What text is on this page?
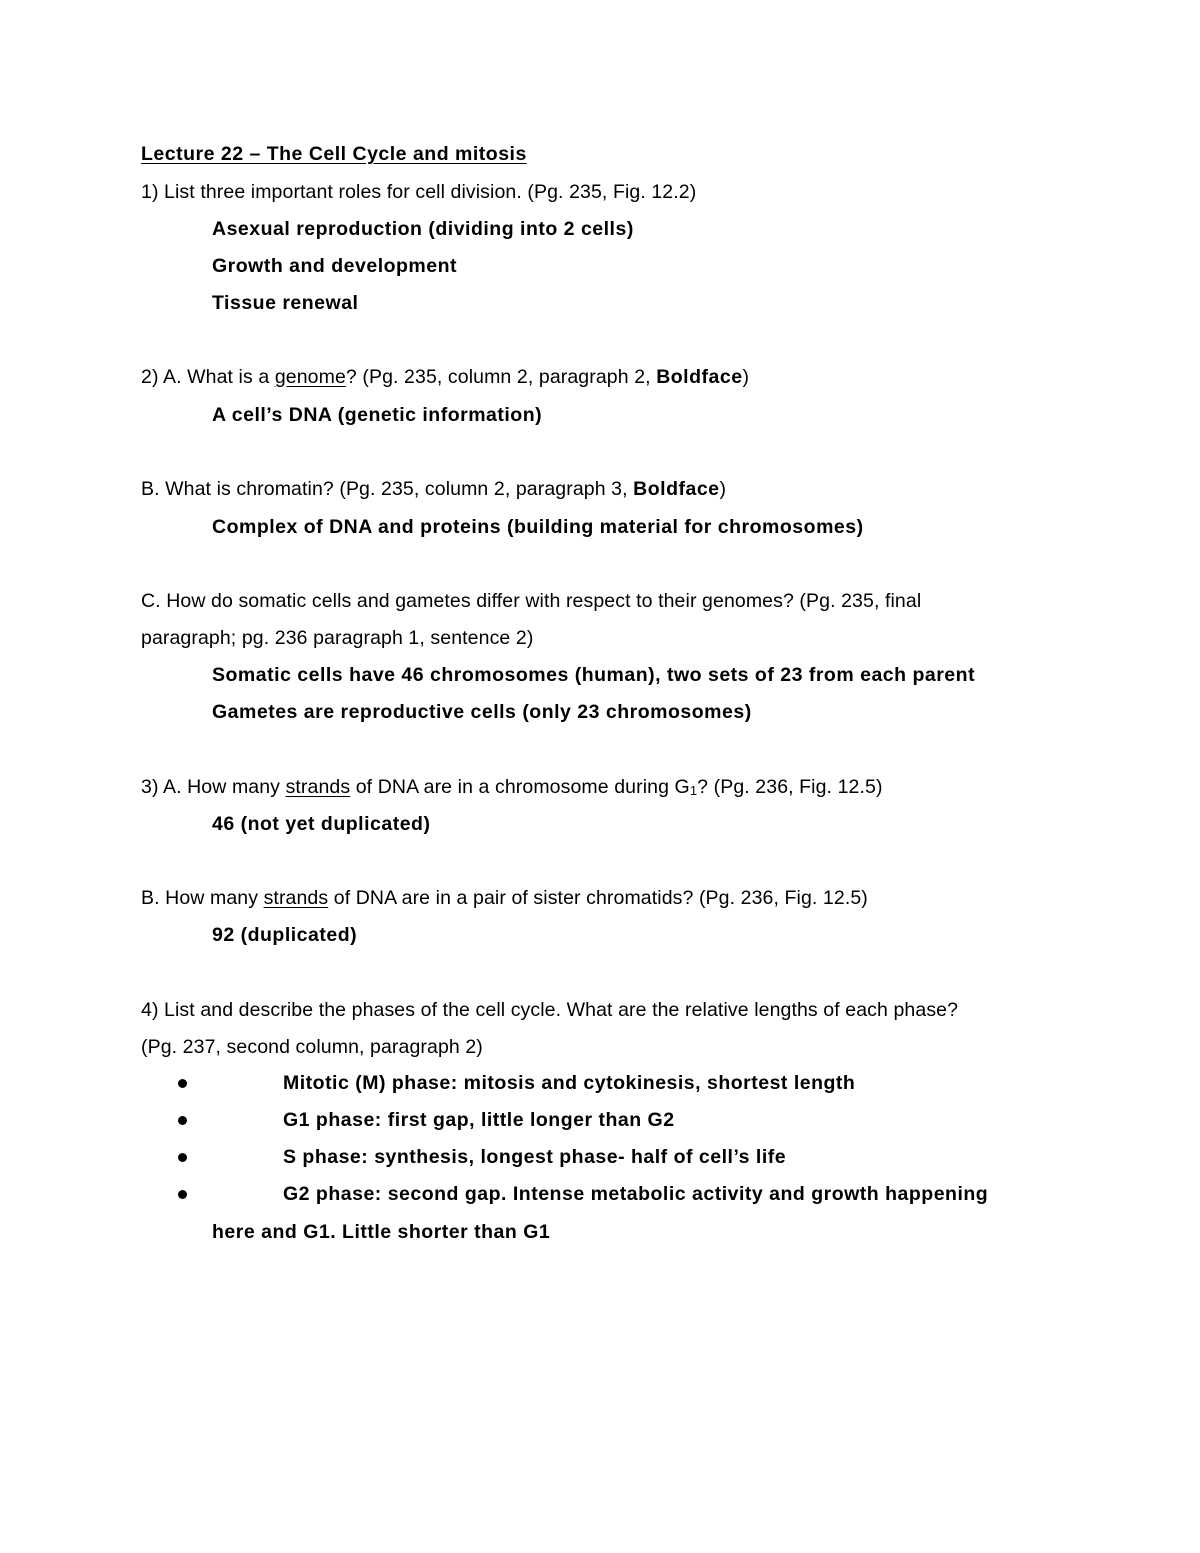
Lecture 22 – The Cell Cycle and mitosis
1) List three important roles for cell division. (Pg. 235, Fig. 12.2)
Asexual reproduction (dividing into 2 cells)
Growth and development
Tissue renewal
2) A. What is a genome? (Pg. 235, column 2, paragraph 2, Boldface)
A cell’s DNA (genetic information)
B. What is chromatin? (Pg. 235, column 2, paragraph 3, Boldface)
Complex of DNA and proteins (building material for chromosomes)
C. How do somatic cells and gametes differ with respect to their genomes? (Pg. 235, final
paragraph; pg. 236 paragraph 1, sentence 2)
Somatic cells have 46 chromosomes (human), two sets of 23 from each parent
Gametes are reproductive cells (only 23 chromosomes)
3) A. How many strands of DNA are in a chromosome during $G_1$? (Pg. 236, Fig. 12.5)
46 (not yet duplicated)
B. How many strands of DNA are in a pair of sister chromatids? (Pg. 236, Fig. 12.5)
92 (duplicated)
4) List and describe the phases of the cell cycle. What are the relative lengths of each phase?
(Pg. 237, second column, paragraph 2)
Mitotic (M) phase: mitosis and cytokinesis, shortest length
G1 phase: first gap, little longer than G2
S phase: synthesis, longest phase- half of cell’s life
G2 phase: second gap. Intense metabolic activity and growth happening
here and G1. Little shorter than G1
